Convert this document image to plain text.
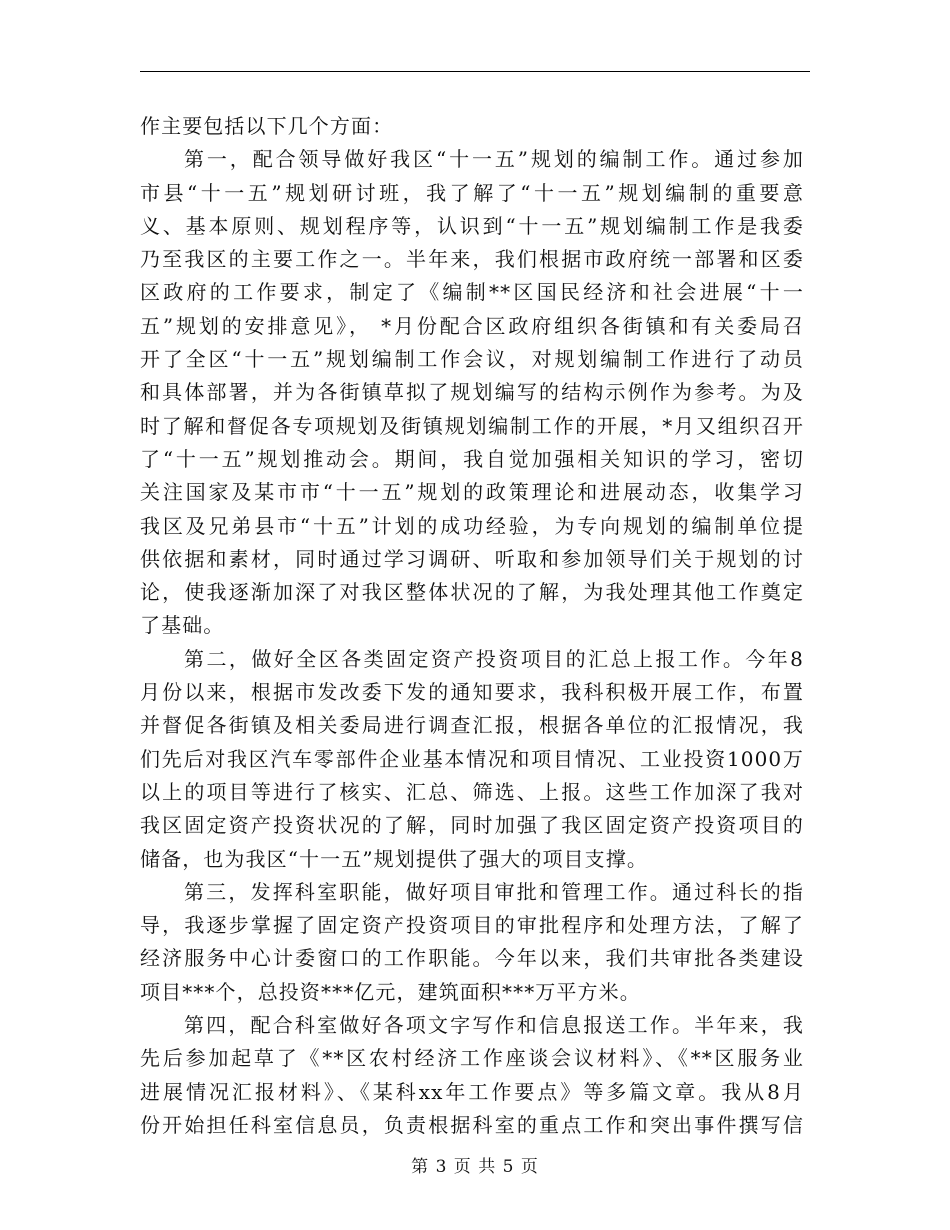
作主要包括以下几个方面：
第一，配合领导做好我区“十一五”规划的编制工作。通过参加
市县“十一五”规划研讨班，我了解了“十一五”规划编制的重要意
义、基本原则、规划程序等，认识到“十一五”规划编制工作是我委
乃至我区的主要工作之一。半年来，我们根据市政府统一部署和区委
区政府的工作要求，制定了《编制**区国民经济和社会进展“十一
五”规划的安排意见》， *月份配合区政府组织各街镇和有关委局召
开了全区“十一五”规划编制工作会议，对规划编制工作进行了动员
和具体部署，并为各街镇草拟了规划编写的结构示例作为参考。为及
时了解和督促各专项规划及街镇规划编制工作的开展，*月又组织召开
了“十一五”规划推动会。期间，我自觉加强相关知识的学习，密切
关注国家及某市市“十一五”规划的政策理论和进展动态，收集学习
我区及兄弟县市“十五”计划的成功经验，为专向规划的编制单位提
供依据和素材，同时通过学习调研、听取和参加领导们关于规划的讨
论，使我逐渐加深了对我区整体状况的了解，为我处理其他工作奠定
了基础。
第二，做好全区各类固定资产投资项目的汇总上报工作。今年8
月份以来，根据市发改委下发的通知要求，我科积极开展工作，布置
并督促各街镇及相关委局进行调查汇报，根据各单位的汇报情况，我
们先后对我区汽车零部件企业基本情况和项目情况、工业投资1000万
以上的项目等进行了核实、汇总、筛选、上报。这些工作加深了我对
我区固定资产投资状况的了解，同时加强了我区固定资产投资项目的
储备，也为我区“十一五”规划提供了强大的项目支撑。
第三，发挥科室职能，做好项目审批和管理工作。通过科长的指
导，我逐步掌握了固定资产投资项目的审批程序和处理方法，了解了
经济服务中心计委窗口的工作职能。今年以来，我们共审批各类建设
项目***个，总投资***亿元，建筑面积***万平方米。
第四，配合科室做好各项文字写作和信息报送工作。半年来，我
先后参加起草了《**区农村经济工作座谈会议材料》、《**区服务业
进展情况汇报材料》、《某科xx年工作要点》等多篇文章。我从8月
份开始担任科室信息员，负责根据科室的重点工作和突出事件撰写信
第 3 页 共 5 页
